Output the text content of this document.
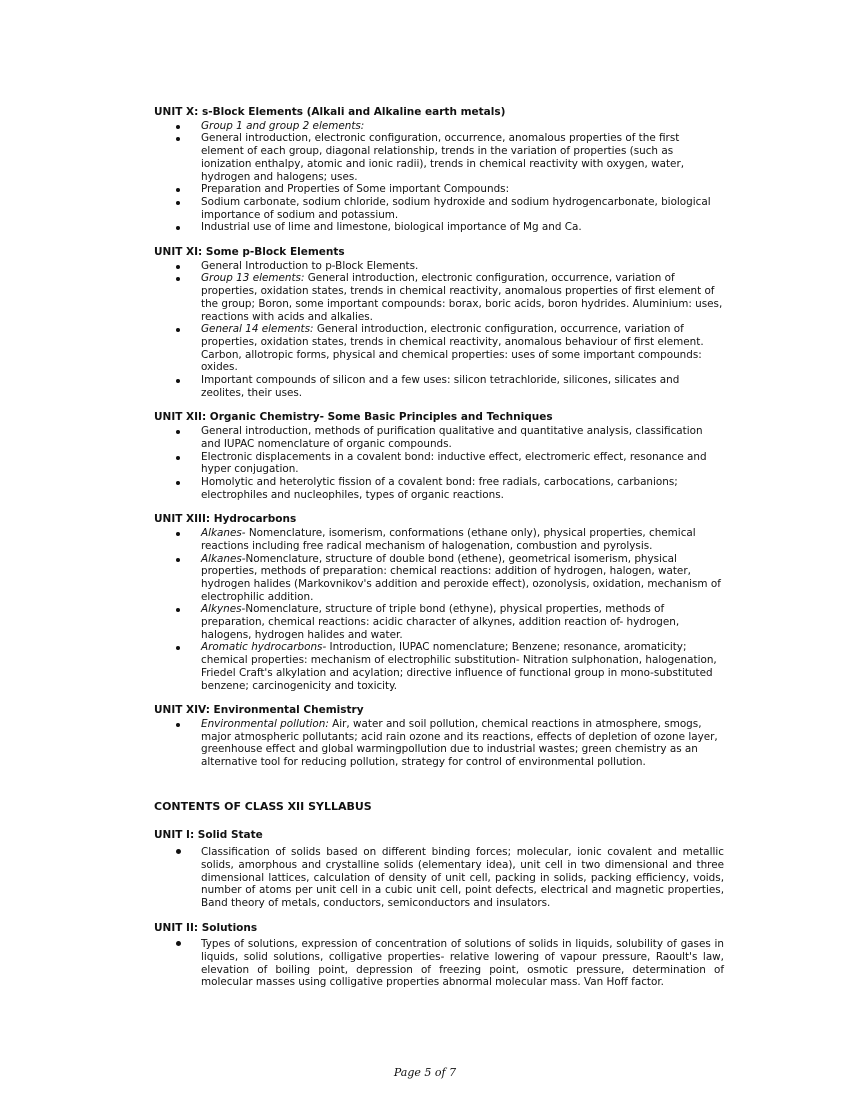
UNIT X: s-Block Elements (Alkali and Alkaline earth metals)
Group 1 and group 2 elements:
General introduction, electronic configuration, occurrence, anomalous properties of the first element of each group, diagonal relationship, trends in the variation of properties (such as ionization enthalpy, atomic and ionic radii), trends in chemical reactivity with oxygen, water, hydrogen and halogens; uses.
Preparation and Properties of Some important Compounds:
Sodium carbonate, sodium chloride, sodium hydroxide and sodium hydrogencarbonate, biological importance of sodium and potassium.
Industrial use of lime and limestone, biological importance of Mg and Ca.
UNIT XI: Some p-Block Elements
General Introduction to p-Block Elements.
Group 13 elements: General introduction, electronic configuration, occurrence, variation of properties, oxidation states, trends in chemical reactivity, anomalous properties of first element of the group; Boron, some important compounds: borax, boric acids, boron hydrides. Aluminium: uses, reactions with acids and alkalies.
General 14 elements: General introduction, electronic configuration, occurrence, variation of properties, oxidation states, trends in chemical reactivity, anomalous behaviour of first element. Carbon, allotropic forms, physical and chemical properties: uses of some important compounds: oxides.
Important compounds of silicon and a few uses: silicon tetrachloride, silicones, silicates and zeolites, their uses.
UNIT XII: Organic Chemistry- Some Basic Principles and Techniques
General introduction, methods of purification qualitative and quantitative analysis, classification and IUPAC nomenclature of organic compounds.
Electronic displacements in a covalent bond: inductive effect, electromeric effect, resonance and hyper conjugation.
Homolytic and heterolytic fission of a covalent bond: free radials, carbocations, carbanions; electrophiles and nucleophiles, types of organic reactions.
UNIT XIII: Hydrocarbons
Alkanes- Nomenclature, isomerism, conformations (ethane only), physical properties, chemical reactions including free radical mechanism of halogenation, combustion and pyrolysis.
Alkanes-Nomenclature, structure of double bond (ethene), geometrical isomerism, physical properties, methods of preparation: chemical reactions: addition of hydrogen, halogen, water, hydrogen halides (Markovnikov's addition and peroxide effect), ozonolysis, oxidation, mechanism of electrophilic addition.
Alkynes-Nomenclature, structure of triple bond (ethyne), physical properties, methods of preparation, chemical reactions: acidic character of alkynes, addition reaction of- hydrogen, halogens, hydrogen halides and water.
Aromatic hydrocarbons- Introduction, IUPAC nomenclature; Benzene; resonance, aromaticity; chemical properties: mechanism of electrophilic substitution- Nitration sulphonation, halogenation, Friedel Craft's alkylation and acylation; directive influence of functional group in mono-substituted benzene; carcinogenicity and toxicity.
UNIT XIV: Environmental Chemistry
Environmental pollution: Air, water and soil pollution, chemical reactions in atmosphere, smogs, major atmospheric pollutants; acid rain ozone and its reactions, effects of depletion of ozone layer, greenhouse effect and global warmingpollution due to industrial wastes; green chemistry as an alternative tool for reducing pollution, strategy for control of environmental pollution.
CONTENTS OF CLASS XII SYLLABUS
UNIT I: Solid State
Classification of solids based on different binding forces; molecular, ionic covalent and metallic solids, amorphous and crystalline solids (elementary idea), unit cell in two dimensional and three dimensional lattices, calculation of density of unit cell, packing in solids, packing efficiency, voids, number of atoms per unit cell in a cubic unit cell, point defects, electrical and magnetic properties, Band theory of metals, conductors, semiconductors and insulators.
UNIT II: Solutions
Types of solutions, expression of concentration of solutions of solids in liquids, solubility of gases in liquids, solid solutions, colligative properties- relative lowering of vapour pressure, Raoult's law, elevation of boiling point, depression of freezing point, osmotic pressure, determination of molecular masses using colligative properties abnormal molecular mass. Van Hoff factor.
Page 5 of 7
